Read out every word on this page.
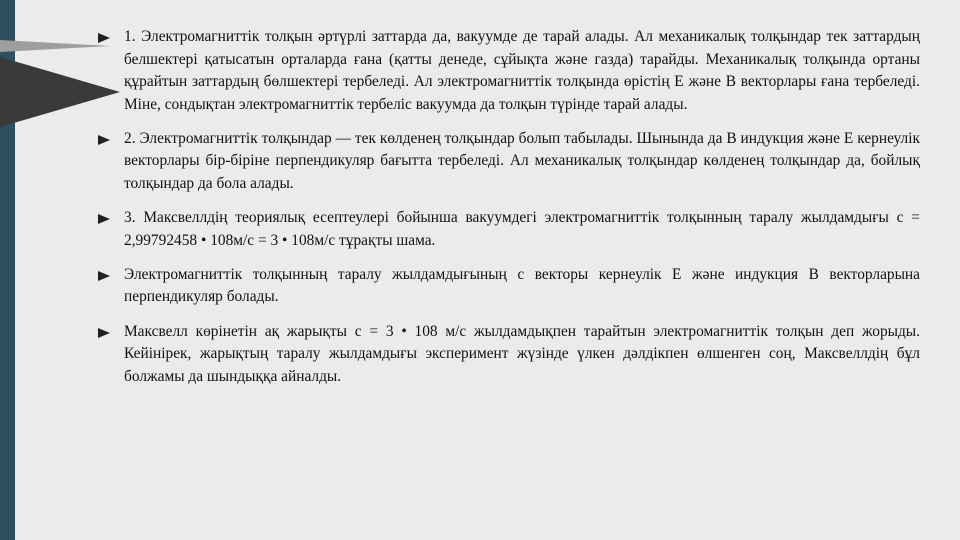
1. Электромагниттік толқын әртүрлі заттарда да, вакуумде де тарай алады. Ал механикалық толқындар тек заттардың белшектері қатысатын орталарда ғана (қатты денеде, сұйықта және газда) тарайды. Механикалық толқында ортаны құрайтын заттардың бөлшектері тербеледі. Ал электромагниттік толқында өрістің Е және В векторлары ғана тербеледі. Міне, сондықтан электромагниттік тербеліс вакуумда да толқын түрінде тарай алады.
2. Электромагниттік толқындар — тек көлденең толқындар болып табылады. Шынында да В индукция және Е кернеулік векторлары бір-біріне перпендикуляр бағытта тербеледі. Ал механикалық толқындар көлденең толқындар да, бойлық толқындар да бола алады.
3. Максвеллдің теориялық есептеулері бойынша вакуумдегі электромагниттік толқынның таралу жылдамдығы с = 2,99792458 • 108м/с = 3 • 108м/с тұрақты шама.
Электромагниттік толқынның таралу жылдамдығының с векторы кернеулік Е және индукция В векторларына перпендикуляр болады.
Максвелл көрінетін ақ жарықты с = 3 • 108 м/с жылдамдықпен тарайтын электромагниттік толқын деп жорыды. Кейінірек, жарықтың таралу жылдамдығы эксперимент жүзінде үлкен дәлдікпен өлшенген соң, Максвеллдің бұл болжамы да шындыққа айналды.
